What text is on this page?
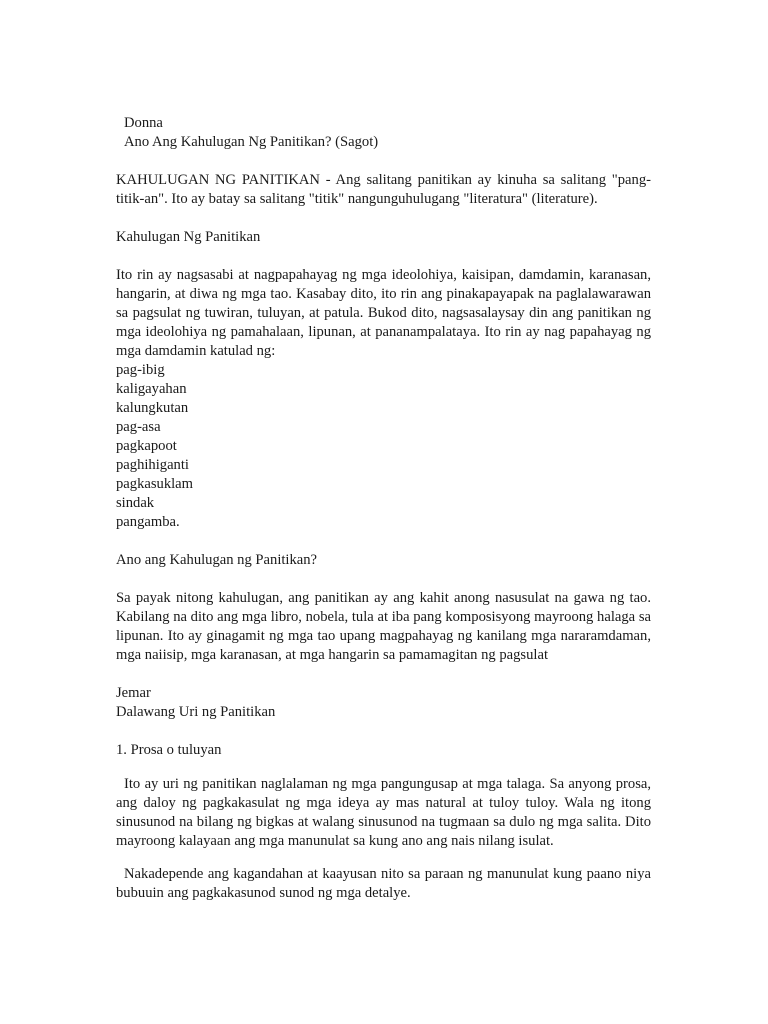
Donna
Ano Ang Kahulugan Ng Panitikan? (Sagot)

KAHULUGAN NG PANITIKAN - Ang salitang panitikan ay kinuha sa salitang "pang- titik-an". Ito ay batay sa salitang "titik" nangunguhulugang "literatura" (literature).

Kahulugan Ng Panitikan

Ito rin ay nagsasabi at nagpapahayag ng mga ideolohiya, kaisipan, damdamin, karanasan, hangarin, at diwa ng mga tao. Kasabay dito, ito rin ang pinakapayapak na paglalawarawan sa pagsulat ng tuwiran, tuluyan, at patula. Bukod dito, nagsasalaysay din ang panitikan ng mga ideolohiya ng pamahalaan, lipunan, at pananampalataya. Ito rin ay nag papahayag ng mga damdamin katulad ng:

pag-ibig
kaligayahan
kalungkutan
pag-asa
pagkapoot
paghihiganti
pagkasuklam
sindak
pangamba.
Ano ang Kahulugan ng Panitikan?

Sa payak nitong kahulugan, ang panitikan ay ang kahit anong nasusulat na gawa ng tao. Kabilang na dito ang mga libro, nobela, tula at iba pang komposisyong mayroong halaga sa lipunan. Ito ay ginagamit ng mga tao upang magpahayag ng kanilang mga nararamdaman, mga naiisip, mga karanasan, at mga hangarin sa pamamagitan ng pagsulat

Jemar
Dalawang Uri ng Panitikan
1. Prosa o tuluyan

Ito ay uri ng panitikan naglalaman ng mga pangungusap at mga talaga. Sa anyong prosa, ang daloy ng pagkakasulat ng mga ideya ay mas natural at tuloy tuloy. Wala ng itong sinusunod na bilang ng bigkas at walang sinusunod na tugmaan sa dulo ng mga salita. Dito mayroong kalayaan ang mga manunulat sa kung ano ang nais nilang isulat.

Nakadepende ang kagandahan at kaayusan nito sa paraan ng manunulat kung paano niya bubuuin ang pagkakasunod sunod ng mga detalye.
